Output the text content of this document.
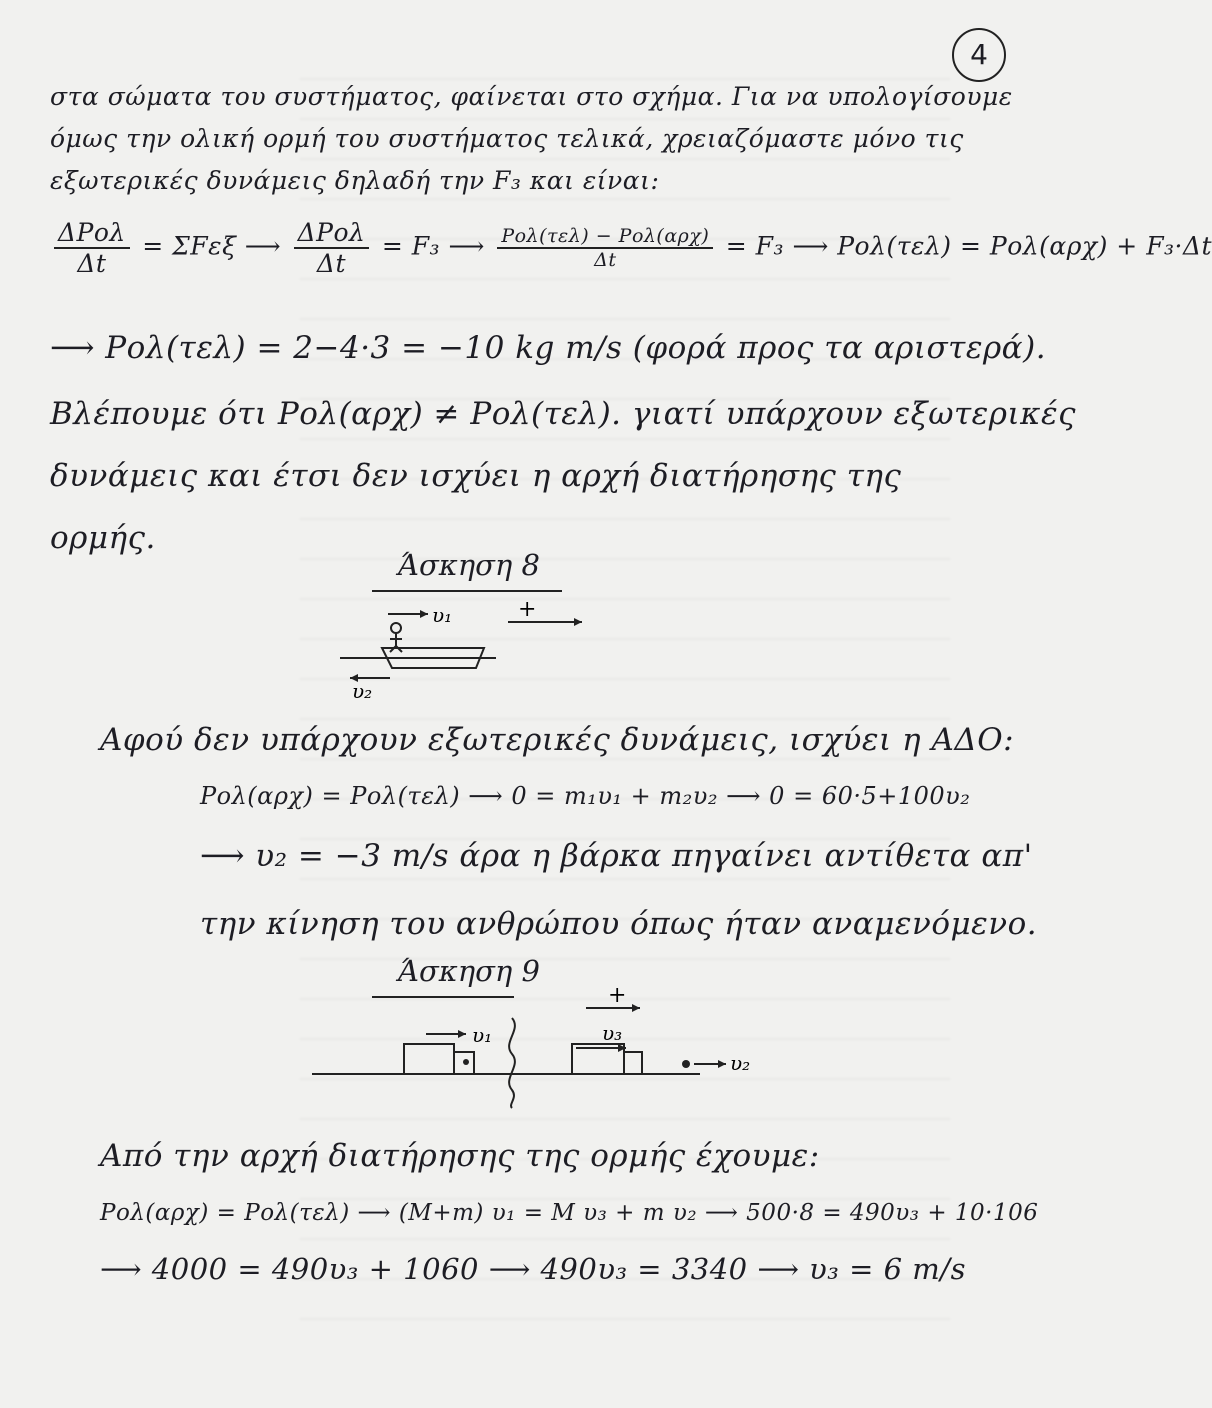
4
στα σώματα του συστήματος, φαίνεται στο σχήμα. Για να υπολογίσουμε
όμως την ολική ορμή του συστήματος τελικά, χρειαζόμαστε μόνο τις
εξωτερικές δυνάμεις δηλαδή την F₃ και είναι:
$\frac{\text{ΔPολ}}{\Delta t} = \Sigma F\varepsilon\xi$ ⟶ $\frac{\text{ΔPολ}}{\Delta t} = F_3$ ⟶ $\frac{\text{Pολ(τελ) − Pολ(αρχ)}}{\Delta t} = F_3$ ⟶ Pολ(τελ) = Pολ(αρχ) + F₃·Δt
⟶ Pολ(τελ) = 2−4·3 = −10 kg m/s (φορά προς τα αριστερά).
Βλέπουμε ότι Pολ(αρχ) ≠ Pολ(τελ). γιατί υπάρχουν εξωτερικές
δυνάμεις και έτσι δεν ισχύει η αρχή διατήρησης της
ορμής.
Άσκηση 8
υ₁	+
υ₂
Αφού δεν υπάρχουν εξωτερικές δυνάμεις, ισχύει η ΑΔΟ:
Pολ(αρχ) = Pολ(τελ) ⟶ 0 = m₁υ₁ + m₂υ₂ ⟶ 0 = 60·5+100υ₂
⟶ υ₂ = −3 m/s άρα η βάρκα πηγαίνει αντίθετα απ'
την κίνηση του ανθρώπου όπως ήταν αναμενόμενο.
Άσκηση 9
+
υ₁	υ₃
υ₂
Από την αρχή διατήρησης της ορμής έχουμε:
Pολ(αρχ) = Pολ(τελ) ⟶ (M+m) υ₁ = M υ₃ + m υ₂ ⟶ 500·8 = 490υ₃ + 10·106
⟶ 4000 = 490υ₃ + 1060 ⟶ 490υ₃ = 3340 ⟶ υ₃ = 6 m/s
